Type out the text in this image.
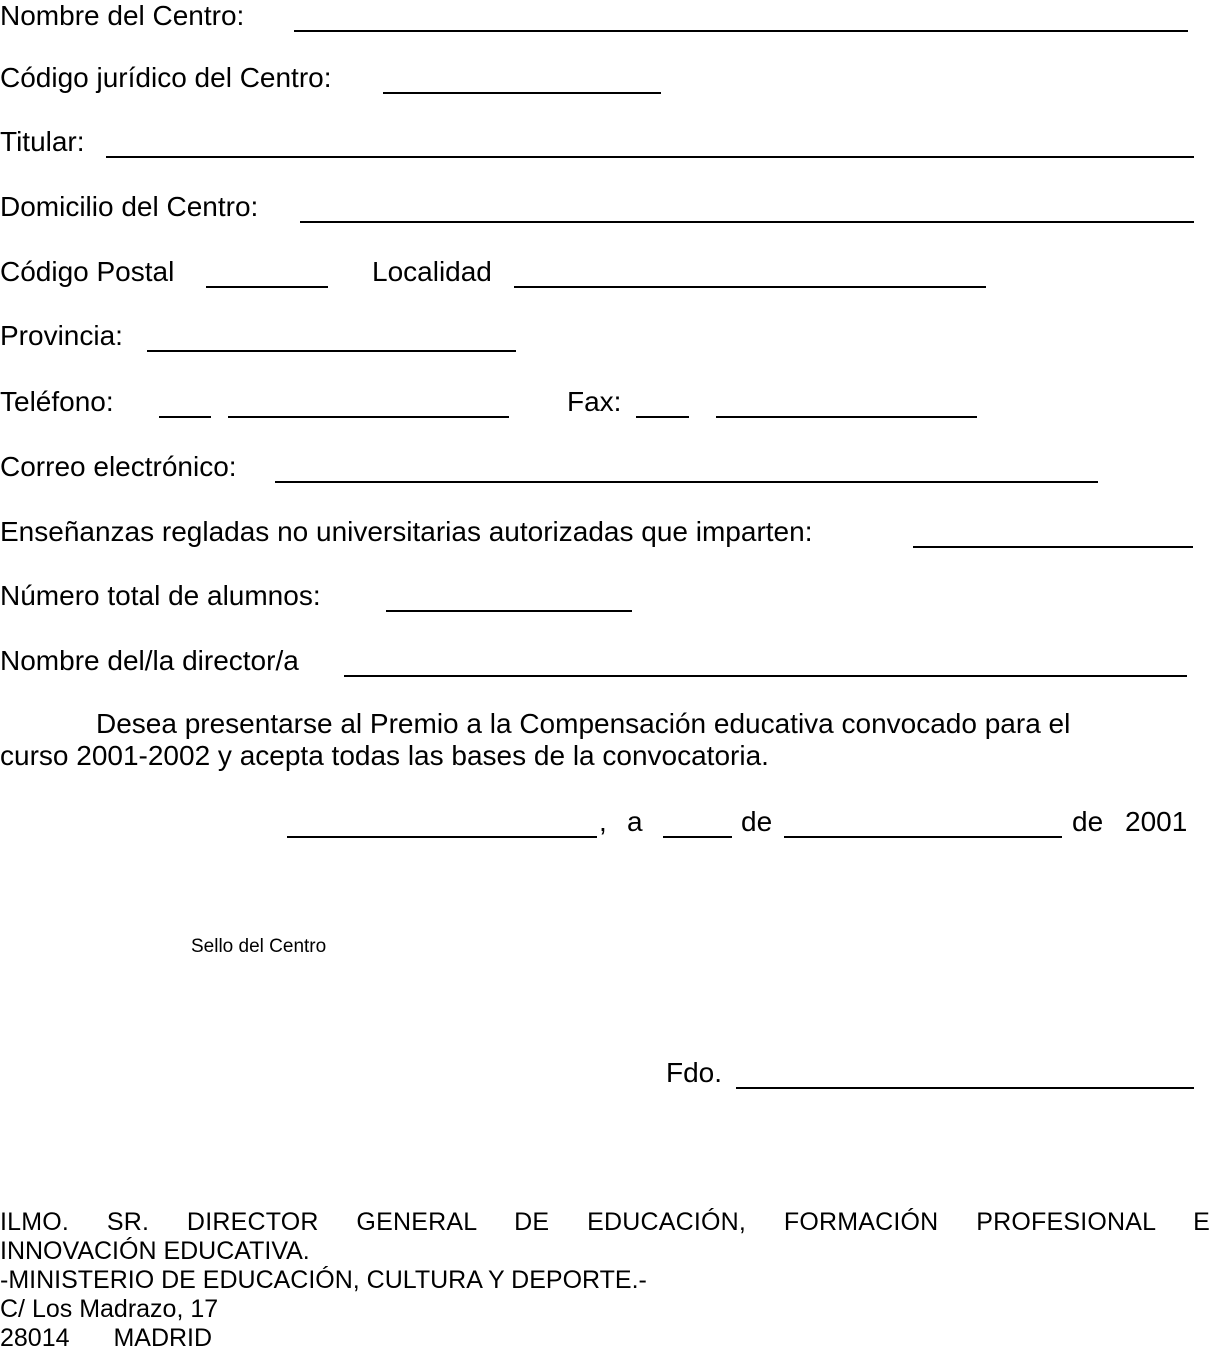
Nombre del Centro:
Código jurídico del Centro:
Titular:
Domicilio del Centro:
Código Postal	Localidad
Provincia:
Teléfono:	Fax:
Correo electrónico:
Enseñanzas regladas no universitarias autorizadas que imparten:
Número total de alumnos:
Nombre del/la director/a
Desea presentarse al Premio a la Compensación educativa convocado para el
curso 2001-2002 y acepta todas las bases de la convocatoria.
, a	de	de 2001
Sello del Centro
Fdo.
ILMO. SR. DIRECTOR GENERAL DE EDUCACIÓN, FORMACIÓN PROFESIONAL E
INNOVACIÓN EDUCATIVA.
-MINISTERIO DE EDUCACIÓN, CULTURA Y DEPORTE.-
C/ Los Madrazo, 17
28014 MADRID
